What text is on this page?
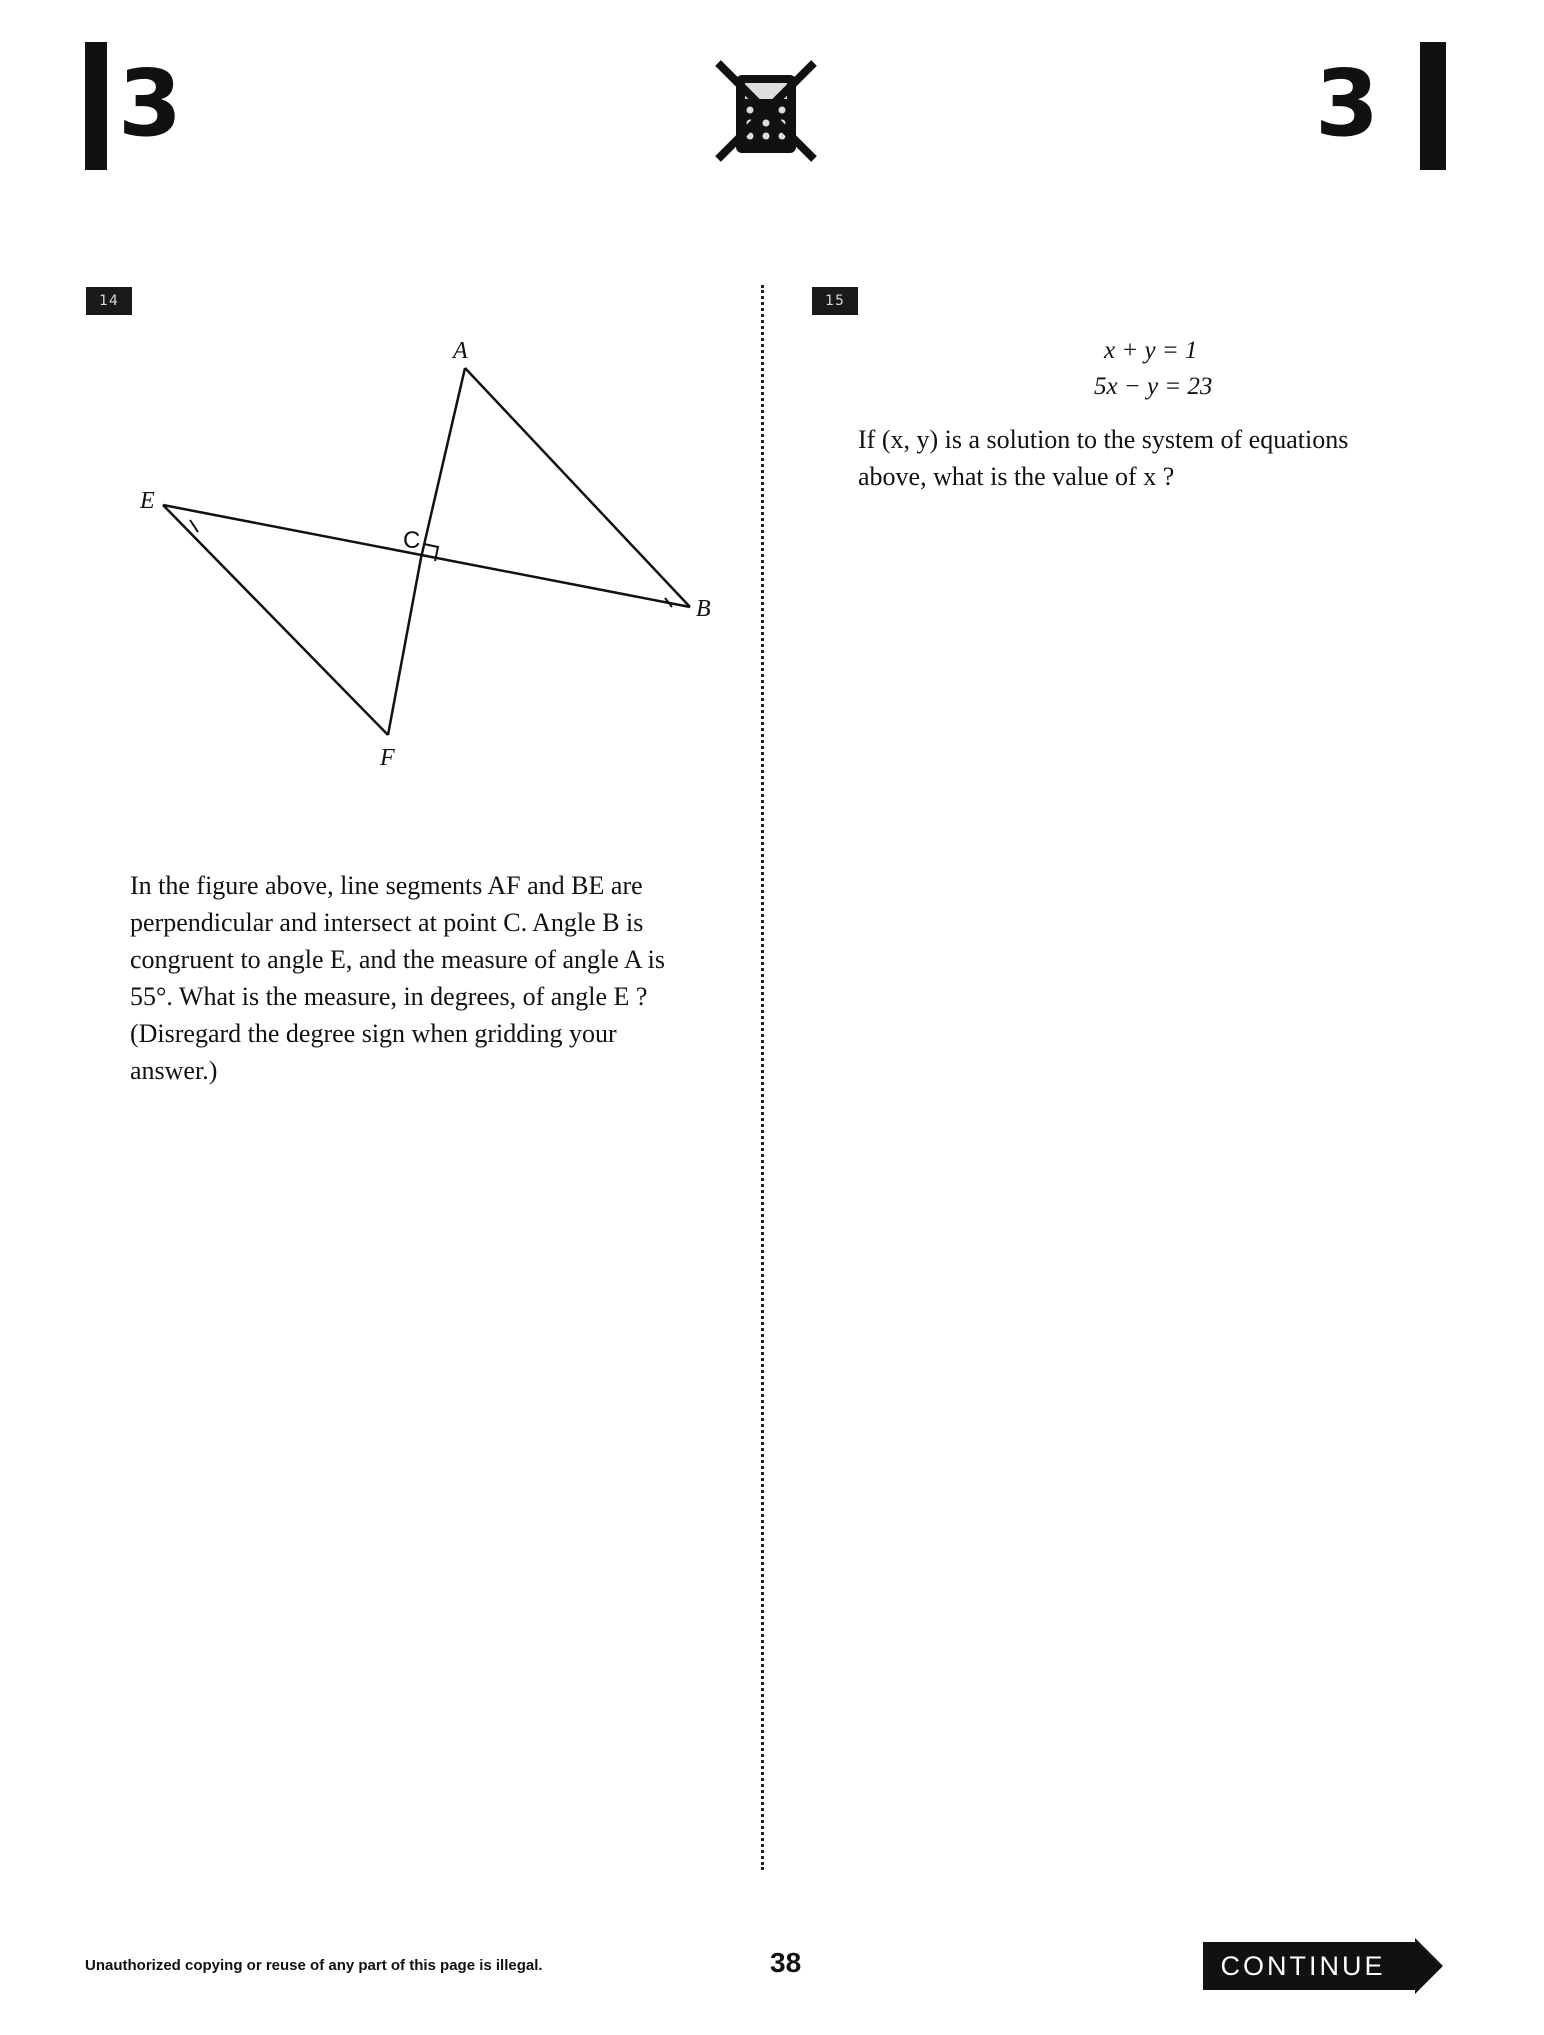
3	3
14
A
E
C
B
F
In the figure above, line segments AF and BE are
perpendicular and intersect at point C. Angle B is
congruent to angle E, and the measure of angle A is
55°. What is the measure, in degrees, of angle E ?
(Disregard the degree sign when gridding your
answer.)
15
x + y = 1
5x − y = 23
If (x, y) is a solution to the system of equations
above, what is the value of x ?
Unauthorized copying or reuse of any part of this page is illegal.	38	CONTINUE
